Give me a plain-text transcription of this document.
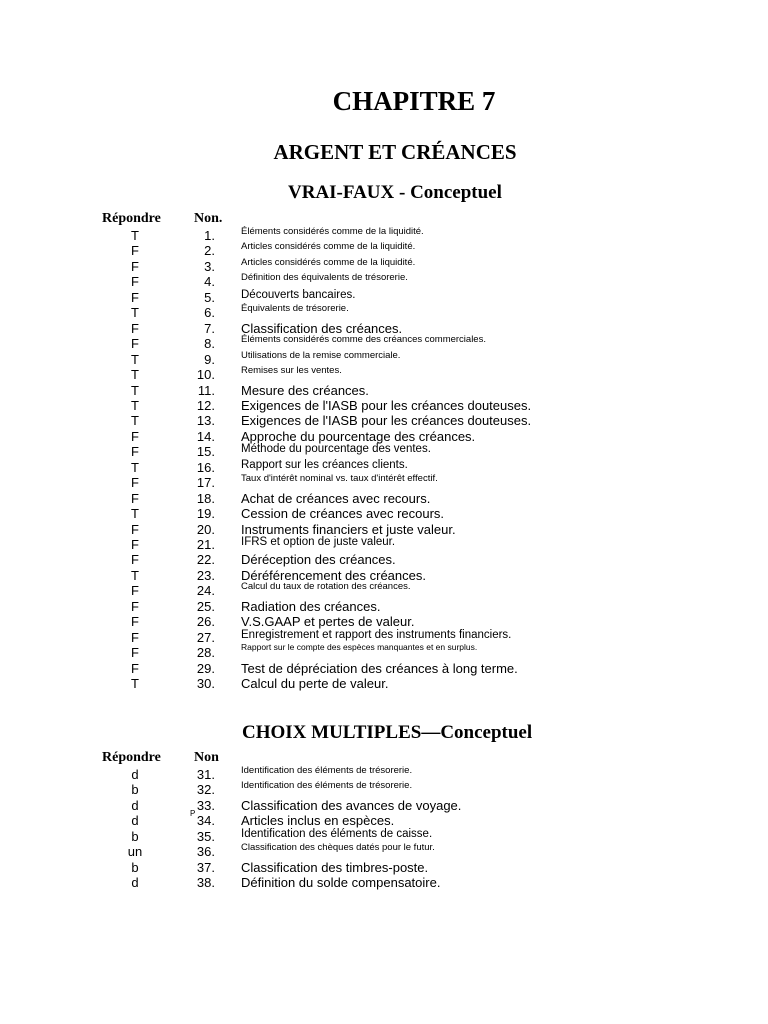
CHAPITRE 7
ARGENT ET CRÉANCES
VRAI-FAUX - Conceptuel
Répondre Non.
T	1.	Éléments considérés comme de la liquidité.
F	2.	Articles considérés comme de la liquidité.
F	3.	Articles considérés comme de la liquidité.
F	4.	Définition des équivalents de trésorerie.
F	5. Découverts bancaires.
T	6.	Équivalents de trésorerie.
F	7. Classification des créances.
F	8.	Éléments considérés comme des créances commerciales.
T	9.	Utilisations de la remise commerciale.
T	10.	Remises sur les ventes.
T	11. Mesure des créances.
T	12. Exigences de l'IASB pour les créances douteuses.
T	13. Exigences de l'IASB pour les créances douteuses.
F	14. Approche du pourcentage des créances.
F	15. Méthode du pourcentage des ventes.
T	16. Rapport sur les créances clients.
F	17.	Taux d'intérêt nominal vs. taux d'intérêt effectif.
F	18. Achat de créances avec recours.
T	19. Cession de créances avec recours.
F	20. Instruments financiers et juste valeur.
F	21. IFRS et option de juste valeur.
F	22. Déréception des créances.
T	23. Déréférencement des créances.
F	24.	Calcul du taux de rotation des créances.
F	25. Radiation des créances.
F	26. V.S.GAAP et pertes de valeur.
F	27. Enregistrement et rapport des instruments financiers.
F	28.	Rapport sur le compte des espèces manquantes et en surplus.
F	29. Test de dépréciation des créances à long terme.
T	30. Calcul du perte de valeur.
CHOIX MULTIPLES—Conceptuel
Répondre Non
d	31.	Identification des éléments de trésorerie.
b	32.	Identification des éléments de trésorerie.
d	33. Classification des avances de voyage.
d	34. Articles inclus en espèces.
P
b	35. Identification des éléments de caisse.
un	36.	Classification des chèques datés pour le futur.
b	37. Classification des timbres-poste.
d	38. Définition du solde compensatoire.
